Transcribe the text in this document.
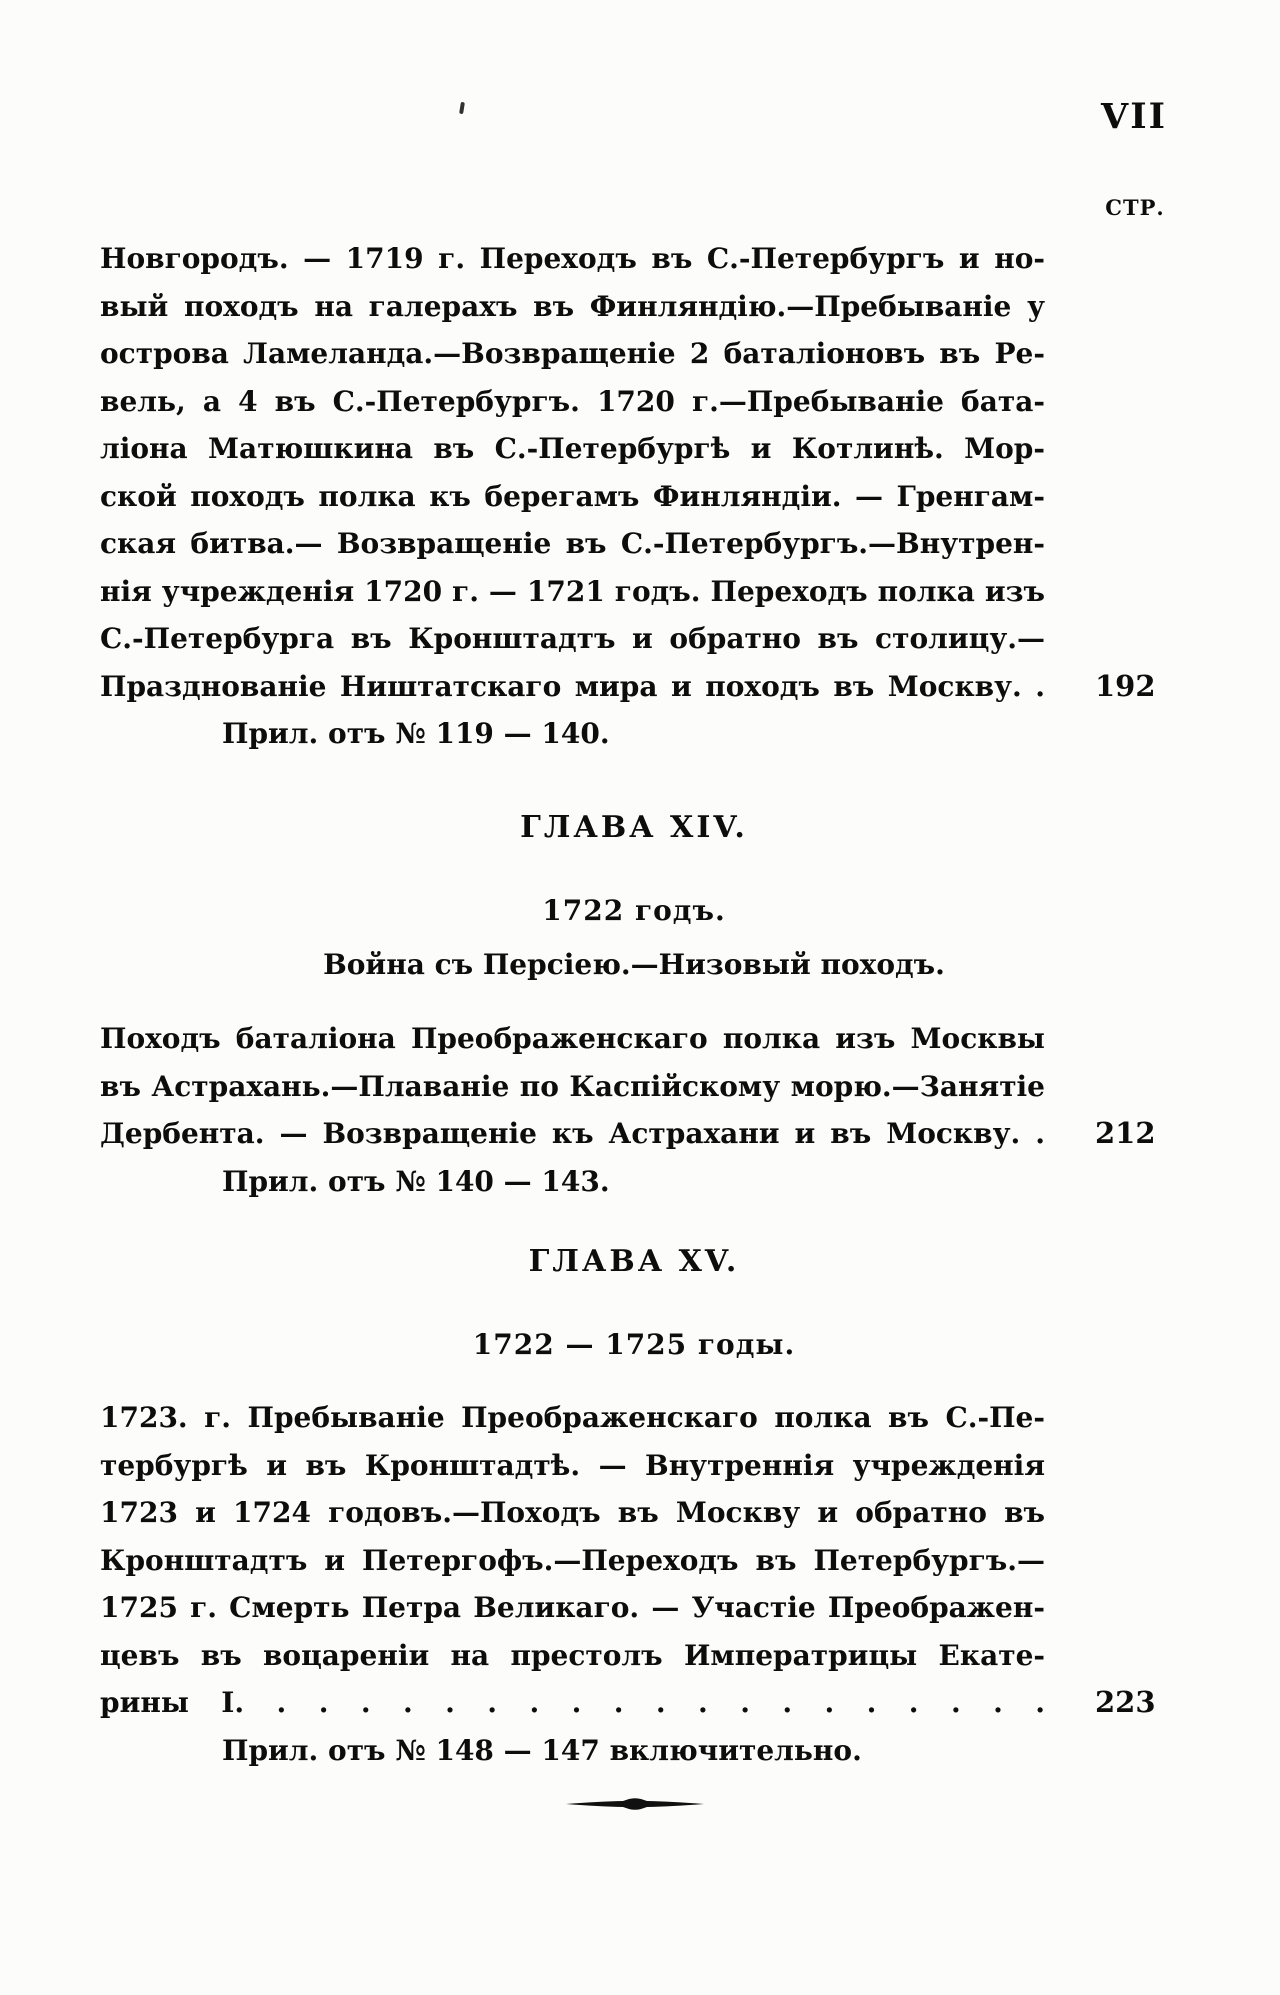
VII
СТР.
Новгородъ. — 1719 г. Переходъ въ С.-Петербургъ и но-
вый походъ на галерахъ въ Финляндію.—Пребываніе у
острова Ламеланда.—Возвращеніе 2 баталіоновъ въ Ре-
вель, а 4 въ С.-Петербургъ. 1720 г.—Пребываніе бата-
ліона Матюшкина въ С.-Петербургѣ и Котлинѣ. Мор-
ской походъ полка къ берегамъ Финляндіи. — Гренгам-
ская битва.— Возвращеніе въ С.-Петербургъ.—Внутрен-
нія учрежденія 1720 г. — 1721 годъ. Переходъ полка изъ
С.-Петербурга въ Кронштадтъ и обратно въ столицу.—
Празднованіе Ништатскаго мира и походъ въ Москву. . 192
Прил. отъ № 119 — 140.
ГЛАВА XIV.
1722 годъ.
Война съ Персіею.—Низовый походъ.
Походъ баталіона Преображенскаго полка изъ Москвы
въ Астрахань.—Плаваніе по Каспійскому морю.—Занятіе
Дербента. — Возвращеніе къ Астрахани и въ Москву. . 212
Прил. отъ № 140 — 143.
ГЛАВА XV.
1722 — 1725 годы.
1723. г. Пребываніе Преображенскаго полка въ С.-Пе-
тербургѣ и въ Кронштадтѣ. — Внутреннія учрежденія
1723 и 1724 годовъ.—Походъ въ Москву и обратно въ
Кронштадтъ и Петергофъ.—Переходъ въ Петербургъ.—
1725 г. Смерть Петра Великаго. — Участіе Преображен-
цевъ въ воцареніи на престолъ Императрицы Екате-
рины I. . . . . . . . . . . . . . . . . . . . 223
Прил. отъ № 148 — 147 включительно.
